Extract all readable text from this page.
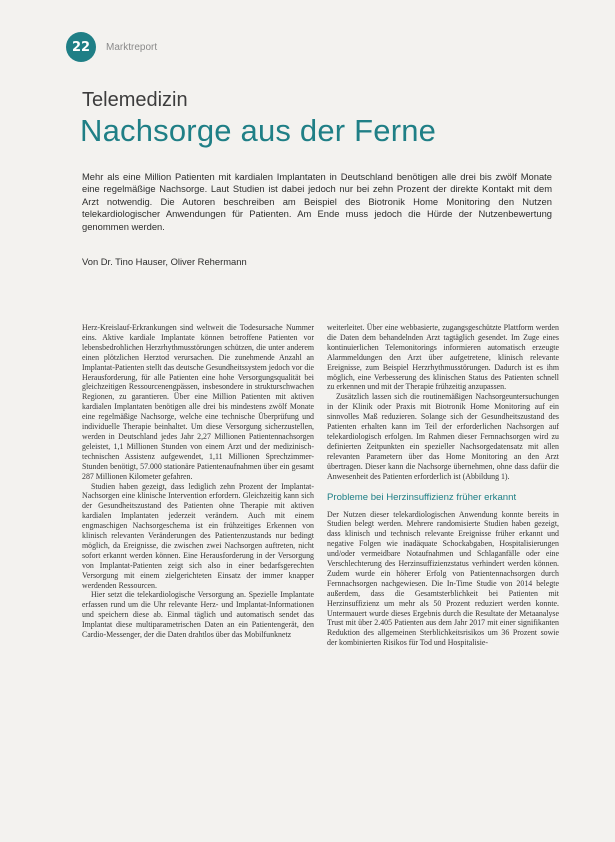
22	Marktreport
Telemedizin
Nachsorge aus der Ferne
Mehr als eine Million Patienten mit kardialen Implantaten in Deutschland benötigen alle drei bis zwölf Monate eine regelmäßige Nachsorge. Laut Studien ist dabei jedoch nur bei zehn Prozent der direkte Kontakt mit dem Arzt notwendig. Die Autoren beschreiben am Beispiel des Biotronik Home Monitoring den Nutzen telekardiologischer Anwendungen für Patienten. Am Ende muss jedoch die Hürde der Nutzenbewertung genommen werden.
Von Dr. Tino Hauser, Oliver Rehermann

Herz-Kreislauf-Erkrankungen sind weltweit die Todesursache Nummer eins. Aktive kardiale Implantate können betroffene Patienten vor lebensbedrohlichen Herzrhythmusstörungen schützen, die unter anderem einen plötzlichen Herztod verursachen. Die zunehmende Anzahl an Implantat-Patienten stellt das deutsche Gesundheitssystem jedoch vor die Herausforderung, für alle Patienten eine hohe Versorgungsqualität bei gleichzeitigen Ressourcenengpässen, insbesondere in strukturschwachen Regionen, zu garantieren. Über eine Million Patienten mit aktiven kardialen Implantaten benötigen alle drei bis mindestens zwölf Monate eine regelmäßige Nachsorge, welche eine technische Überprüfung und individuelle Therapie beinhaltet. Um diese Versorgung sicherzustellen, werden in Deutschland jedes Jahr 2,27 Millionen Patientennachsorgen geleistet, 1,1 Millionen Stunden von einem Arzt und der medizinisch-technischen Assistenz aufgewendet, 1,11 Millionen Sprechzimmer-Stunden benötigt, 57.000 stationäre Patientenaufnahmen über ein gesamt 287 Millionen Kilometer gefahren.

Studien haben gezeigt, dass lediglich zehn Prozent der Implantat-Nachsorgen eine klinische Intervention erfordern. Gleichzeitig kann sich der Gesundheitszustand des Patienten ohne Therapie mit aktiven kardialen Implantaten jederzeit verändern. Auch mit einem engmaschigen Nachsorgeschema ist ein frühzeitiges Erkennen von klinisch relevanten Veränderungen des Patientenzustands nur bedingt möglich, da Ereignisse, die zwischen zwei Nachsorgen auftreten, nicht sofort erkannt werden können. Eine Herausforderung in der Versorgung von Implantat-Patienten zeigt sich also in einer bedarfsgerechten Versorgung mit einem zielgerichteten Einsatz der immer knapper werdenden Ressourcen.

Hier setzt die telekardiologische Versorgung an. Spezielle Implantate erfassen rund um die Uhr relevante Herz- und Implantat-Informationen und speichern diese ab. Einmal täglich und automatisch sendet das Implantat diese multiparametrischen Daten an ein Patientengerät, den Cardio-Messenger, der die Daten drahtlos über das Mobilfunknetz

weiterleitet. Über eine webbasierte, zugangsgeschützte Plattform werden die Daten dem behandelnden Arzt tagtäglich gesendet. Im Zuge eines kontinuierlichen Telemonitorings informieren automatisch erzeugte Alarmmeldungen den Arzt über aufgetretene, klinisch relevante Ereignisse, zum Beispiel Herzrhythmusstörungen. Dadurch ist es ihm möglich, eine Verbesserung des klinischen Status des Patienten schnell zu erkennen und mit der Therapie frühzeitig anzupassen.

Zusätzlich lassen sich die routinemäßigen Nachsorgeuntersuchungen in der Klinik oder Praxis mit Biotronik Home Monitoring auf ein sinnvolles Maß reduzieren. Solange sich der Gesundheitszustand des Patienten erhalten kann im Teil der erforderlichen Nachsorgen auf telekardiologisch erfolgen. Im Rahmen dieser Fernnachsorgen wird zu definierten Zeitpunkten ein spezieller Nachsorgedatensatz mit allen relevanten Parametern über das Home Monitoring an den Arzt übertragen. Dieser kann die Nachsorge übernehmen, ohne dass dafür die Anwesenheit des Patienten erforderlich ist (Abbildung 1).

Probleme bei Herzinsuffizienz früher erkannt

Der Nutzen dieser telekardiologischen Anwendung konnte bereits in Studien belegt werden. Mehrere randomisierte Studien haben gezeigt, dass klinisch und technisch relevante Ereignisse früher erkannt und negative Folgen wie inadäquate Schockabgaben, Hospitalisierungen und/oder vermeidbare Notaufnahmen und Schlaganfälle oder eine Verschlechterung des Herzinsuffizienzstatus verhindert werden können. Zudem wurde ein höherer Erfolg von Patientennachsorgen durch Fernnachsorgen nachgewiesen. Die In-Time Studie von 2014 belegte außerdem, dass die Gesamtsterblichkeit bei Patienten mit Herzinsuffizienz um mehr als 50 Prozent reduziert werden konnte. Untermauert wurde dieses Ergebnis durch die Resultate der Metaanalyse Trust mit über 2.405 Patienten aus dem Jahr 2017 mit einer signifikanten Reduktion des allgemeinen Sterblichkeitsrisikos um 36 Prozent sowie der kombinierten Risikos für Tod und Hospitalisie-
